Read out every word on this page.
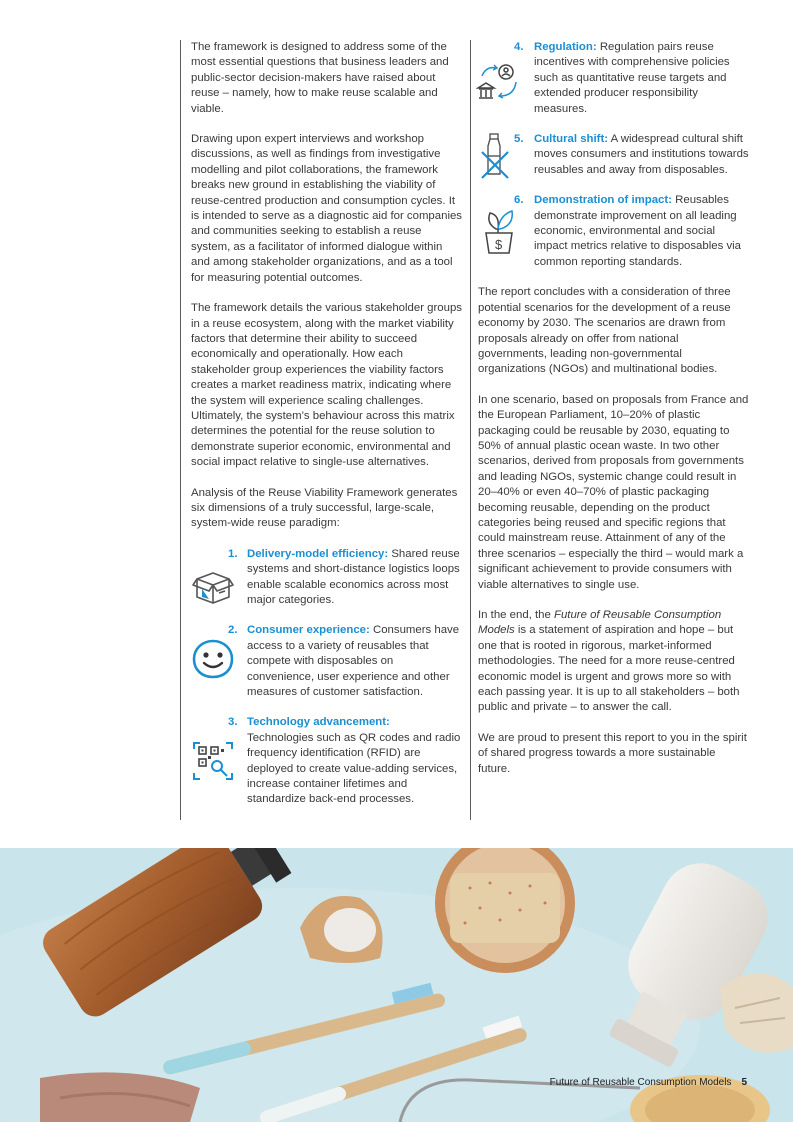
The framework is designed to address some of the most essential questions that business leaders and public-sector decision-makers have raised about reuse – namely, how to make reuse scalable and viable.

Drawing upon expert interviews and workshop discussions, as well as findings from investigative modelling and pilot collaborations, the framework breaks new ground in establishing the viability of reuse-centred production and consumption cycles. It is intended to serve as a diagnostic aid for companies and communities seeking to establish a reuse system, as a facilitator of informed dialogue within and among stakeholder organizations, and as a tool for measuring potential outcomes.

The framework details the various stakeholder groups in a reuse ecosystem, along with the market viability factors that determine their ability to succeed economically and operationally. How each stakeholder group experiences the viability factors creates a market readiness matrix, indicating where the system will experience scaling challenges. Ultimately, the system’s behaviour across this matrix determines the potential for the reuse solution to demonstrate superior economic, environmental and social impact relative to single-use alternatives.

Analysis of the Reuse Viability Framework generates six dimensions of a truly successful, large-scale, system-wide reuse paradigm:

1. Delivery-model efficiency: Shared reuse systems and short-distance logistics loops enable scalable economics across most major categories.
2. Consumer experience: Consumers have access to a variety of reusables that compete with disposables on convenience, user experience and other measures of customer satisfaction.
3. Technology advancement:
Technologies such as QR codes and radio frequency identification (RFID) are deployed to create value-adding services, increase container lifetimes and standardize back-end processes.
4. Regulation: Regulation pairs reuse incentives with comprehensive policies such as quantitative reuse targets and extended producer responsibility measures.
5. Cultural shift: A widespread cultural shift moves consumers and institutions towards reusables and away from disposables.
6. Demonstration of impact: Reusables demonstrate improvement on all leading economic, environmental and social impact metrics relative to disposables via common reporting standards.
$

The report concludes with a consideration of three potential scenarios for the development of a reuse economy by 2030. The scenarios are drawn from proposals already on offer from national governments, leading non-governmental organizations (NGOs) and multinational bodies.

In one scenario, based on proposals from France and the European Parliament, 10–20% of plastic packaging could be reusable by 2030, equating to 50% of annual plastic ocean waste. In two other scenarios, derived from proposals from governments and leading NGOs, systemic change could result in 20–40% or even 40–70% of plastic packaging becoming reusable, depending on the product categories being reused and specific regions that could mainstream reuse. Attainment of any of the three scenarios – especially the third – would mark a significant achievement to provide consumers with viable alternatives to single use.

In the end, the Future of Reusable Consumption Models is a statement of aspiration and hope – but one that is rooted in rigorous, market-informed methodologies. The need for a more reuse-centred economic model is urgent and grows more so with each passing year. It is up to all stakeholders – both public and private – to answer the call.

We are proud to present this report to you in the spirit of shared progress towards a more sustainable future.

Future of Reusable Consumption Models 5
